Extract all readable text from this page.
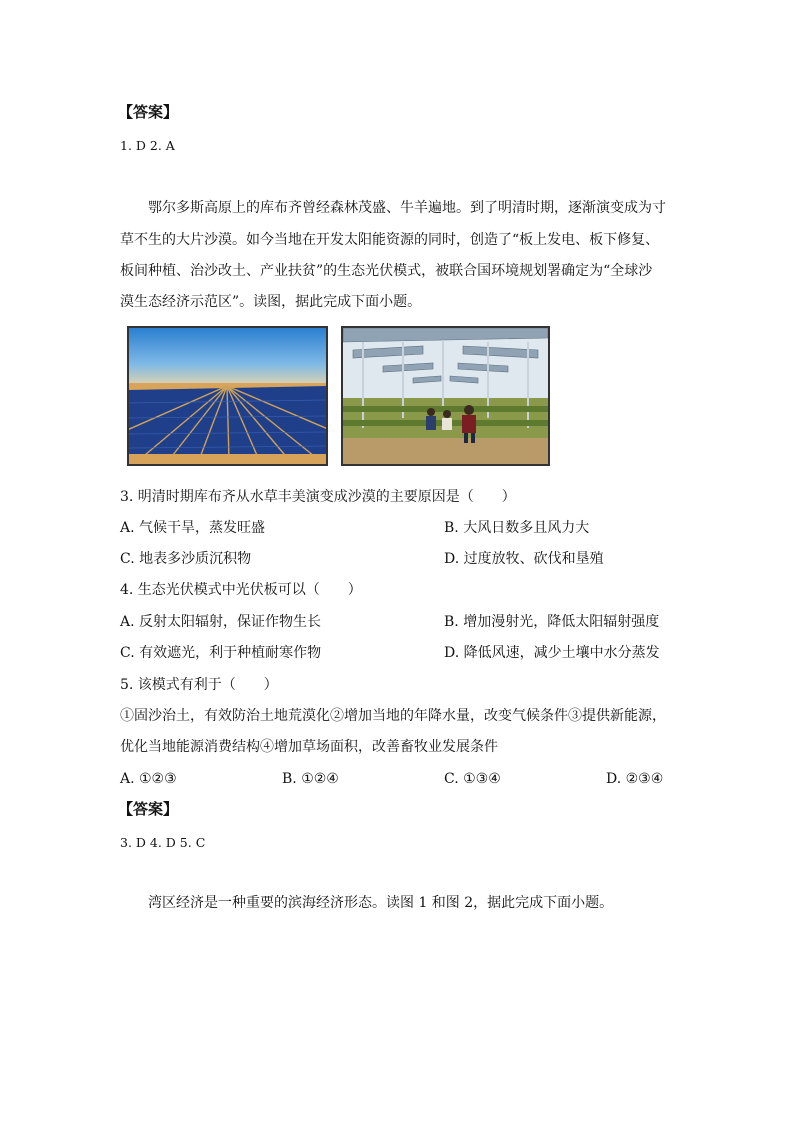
【答案】
1. D 2. A
鄂尔多斯高原上的库布齐曾经森林茂盛、牛羊遍地。到了明清时期，逐渐演变成为寸
草不生的大片沙漠。如今当地在开发太阳能资源的同时，创造了“板上发电、板下修复、
板间种植、治沙改土、产业扶贫”的生态光伏模式，被联合国环境规划署确定为“全球沙
漠生态经济示范区”。读图，据此完成下面小题。
3. 明清时期库布齐从水草丰美演变成沙漠的主要原因是（　　）
A. 气候干旱，蒸发旺盛	B. 大风日数多且风力大
C. 地表多沙质沉积物	D. 过度放牧、砍伐和垦殖
4. 生态光伏模式中光伏板可以（　　）
A. 反射太阳辐射，保证作物生长	B. 增加漫射光，降低太阳辐射强度
C. 有效遮光，利于种植耐寒作物	D. 降低风速，减少土壤中水分蒸发
5. 该模式有利于（　　）
①固沙治土，有效防治土地荒漠化②增加当地的年降水量，改变气候条件③提供新能源，
优化当地能源消费结构④增加草场面积，改善畜牧业发展条件
A. ①②③	B. ①②④	C. ①③④	D. ②③④
【答案】
3. D 4. D 5. C
湾区经济是一种重要的滨海经济形态。读图 1 和图 2，据此完成下面小题。
